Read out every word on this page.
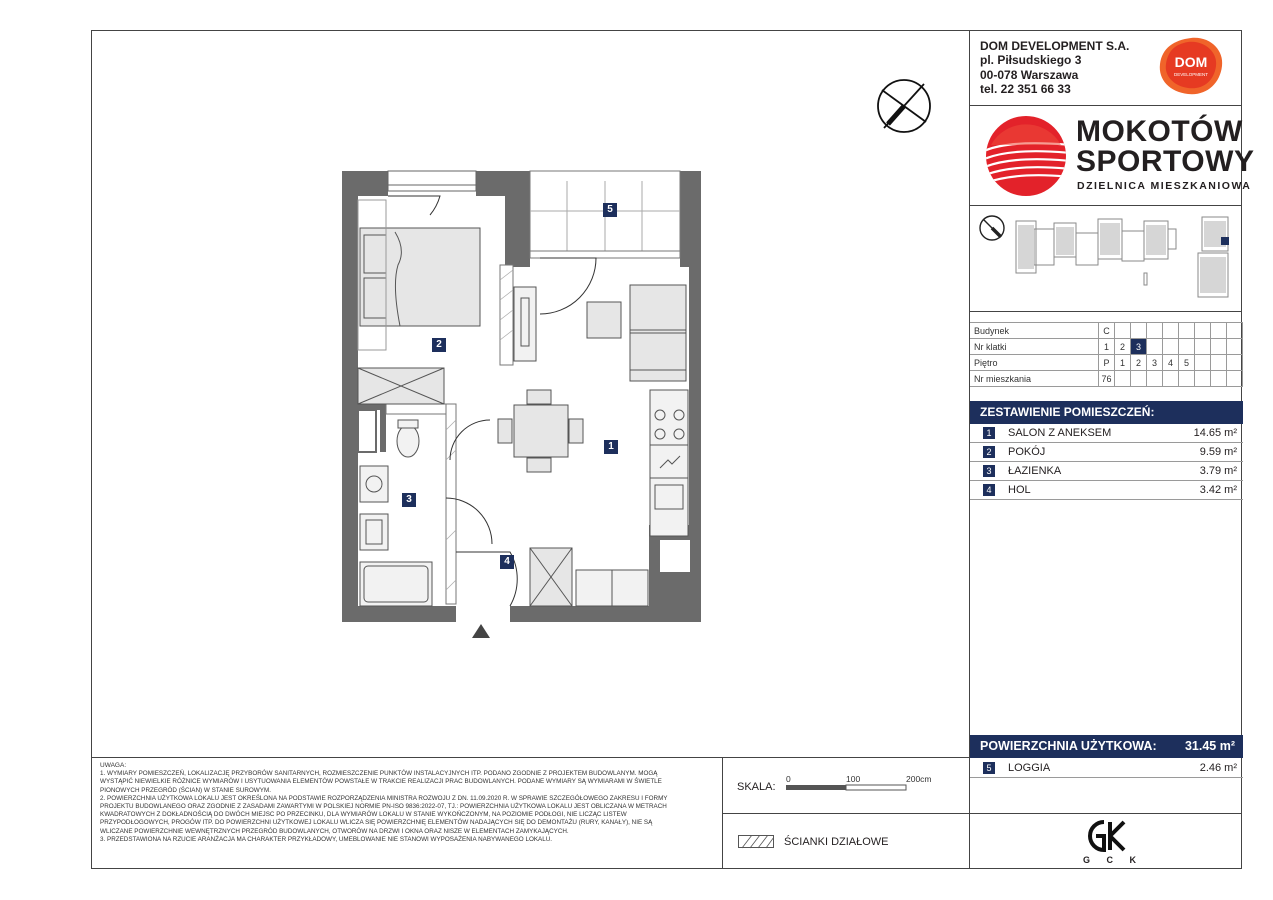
DOM DEVELOPMENT S.A.
pl. Piłsudskiego 3
00-078 Warszawa
tel. 22 351 66 33
DOM
DEVELOPMENT
MOKOTÓW
SPORTOWY
DZIELNICA MIESZKANIOWA
Budynek	C								
Nr klatki	1	2	3						
Piętro	P	1	2	3	4	5			
Nr mieszkania	76								
ZESTAWIENIE POMIESZCZEŃ:
1	SALON Z ANEKSEM	14.65 m²
2	POKÓJ	9.59 m²
3	ŁAZIENKA	3.79 m²
4	HOL	3.42 m²
POWIERZCHNIA UŻYTKOWA: 31.45 m²
5	LOGGIA	2.46 m²
UWAGA:
1. WYMIARY POMIESZCZEŃ, LOKALIZACJĘ PRZYBORÓW SANITARNYCH, ROZMIESZCZENIE PUNKTÓW INSTALACYJNYCH ITP. PODANO ZGODNIE Z PROJEKTEM BUDOWLANYM. MOGĄ
WYSTĄPIĆ NIEWIELKIE RÓŻNICE WYMIARÓW I USYTUOWANIA ELEMENTÓW POWSTAŁE W TRAKCIE REALIZACJI PRAC BUDOWLANYCH. PODANE WYMIARY SĄ WYMIARAMI W ŚWIETLE
PIONOWYCH PRZEGRÓD (ŚCIAN) W STANIE SUROWYM.
2. POWIERZCHNIA UŻYTKOWA LOKALU JEST OKREŚLONA NA PODSTAWIE ROZPORZĄDZENIA MINISTRA ROZWOJU Z DN. 11.09.2020 R. W SPRAWIE SZCZEGÓŁOWEGO ZAKRESU I FORMY
PROJEKTU BUDOWLANEGO ORAZ ZGODNIE Z ZASADAMI ZAWARTYMI W POLSKIEJ NORMIE PN-ISO 9836:2022-07, TJ.: POWIERZCHNIA UŻYTKOWA LOKALU JEST OBLICZANA W METRACH
KWADRATOWYCH Z DOKŁADNOŚCIĄ DO DWÓCH MIEJSC PO PRZECINKU, DLA WYMIARÓW LOKALU W STANIE WYKOŃCZONYM, NA POZIOMIE PODŁOGI, NIE LICZĄC LISTEW
PRZYPODŁOGOWYCH, PROGÓW ITP. DO POWIERZCHNI UŻYTKOWEJ LOKALU WLICZA SIĘ POWIERZCHNIĘ ELEMENTÓW NADAJĄCYCH SIĘ DO DEMONTAŻU (RURY, KANAŁY), NIE SĄ
WLICZANE POWIERZCHNIE WEWNĘTRZNYCH PRZEGRÓD BUDOWLANYCH, OTWORÓW NA DRZWI I OKNA ORAZ NISZE W ELEMENTACH ZAMYKAJĄCYCH.
3. PRZEDSTAWIONA NA RZUCIE ARANŻACJA MA CHARAKTER PRZYKŁADOWY, UMEBLOWANIE NIE STANOWI WYPOSAŻENIA NABYWANEGO LOKALU.
SKALA:
0	100	200cm
ŚCIANKI DZIAŁOWE
G C K
1
2
3
4
5
